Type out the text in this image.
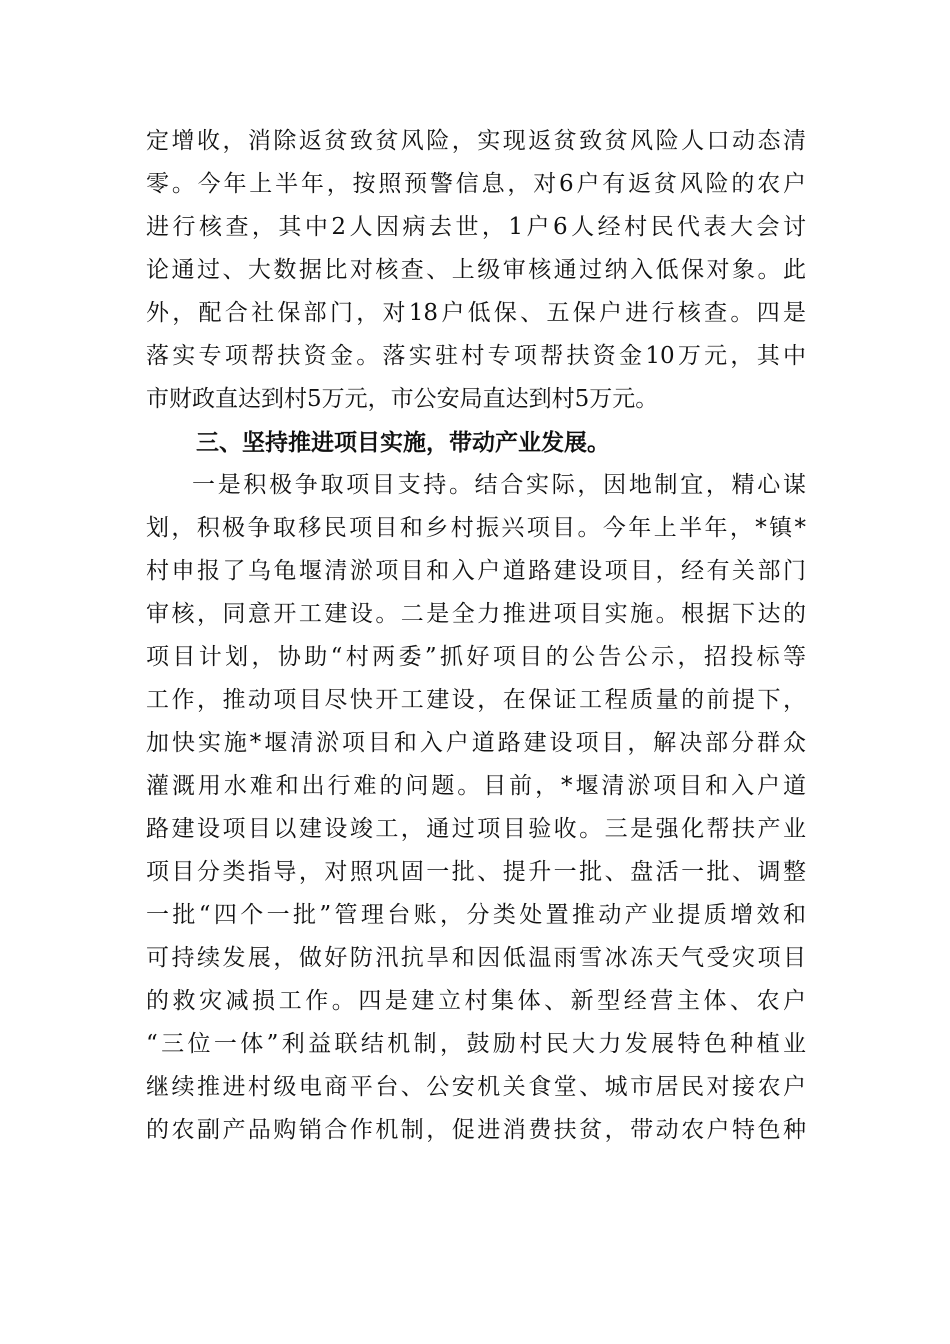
定增收，消除返贫致贫风险，实现返贫致贫风险人口动态清
零。今年上半年，按照预警信息，对6户有返贫风险的农户
进行核查，其中2人因病去世，1户6人经村民代表大会讨
论通过、大数据比对核查、上级审核通过纳入低保对象。此
外，配合社保部门，对18户低保、五保户进行核查。四是
落实专项帮扶资金。落实驻村专项帮扶资金10万元，其中
市财政直达到村5万元，市公安局直达到村5万元。
三、坚持推进项目实施，带动产业发展。
一是积极争取项目支持。结合实际，因地制宜，精心谋
划，积极争取移民项目和乡村振兴项目。今年上半年，*镇*
村申报了乌龟堰清淤项目和入户道路建设项目，经有关部门
审核，同意开工建设。二是全力推进项目实施。根据下达的
项目计划，协助“村两委”抓好项目的公告公示，招投标等
工作，推动项目尽快开工建设，在保证工程质量的前提下，
加快实施*堰清淤项目和入户道路建设项目，解决部分群众
灌溉用水难和出行难的问题。目前，*堰清淤项目和入户道
路建设项目以建设竣工，通过项目验收。三是强化帮扶产业
项目分类指导，对照巩固一批、提升一批、盘活一批、调整
一批“四个一批”管理台账，分类处置推动产业提质增效和
可持续发展，做好防汛抗旱和因低温雨雪冰冻天气受灾项目
的救灾减损工作。四是建立村集体、新型经营主体、农户
“三位一体”利益联结机制，鼓励村民大力发展特色种植业
继续推进村级电商平台、公安机关食堂、城市居民对接农户
的农副产品购销合作机制，促进消费扶贫，带动农户特色种
